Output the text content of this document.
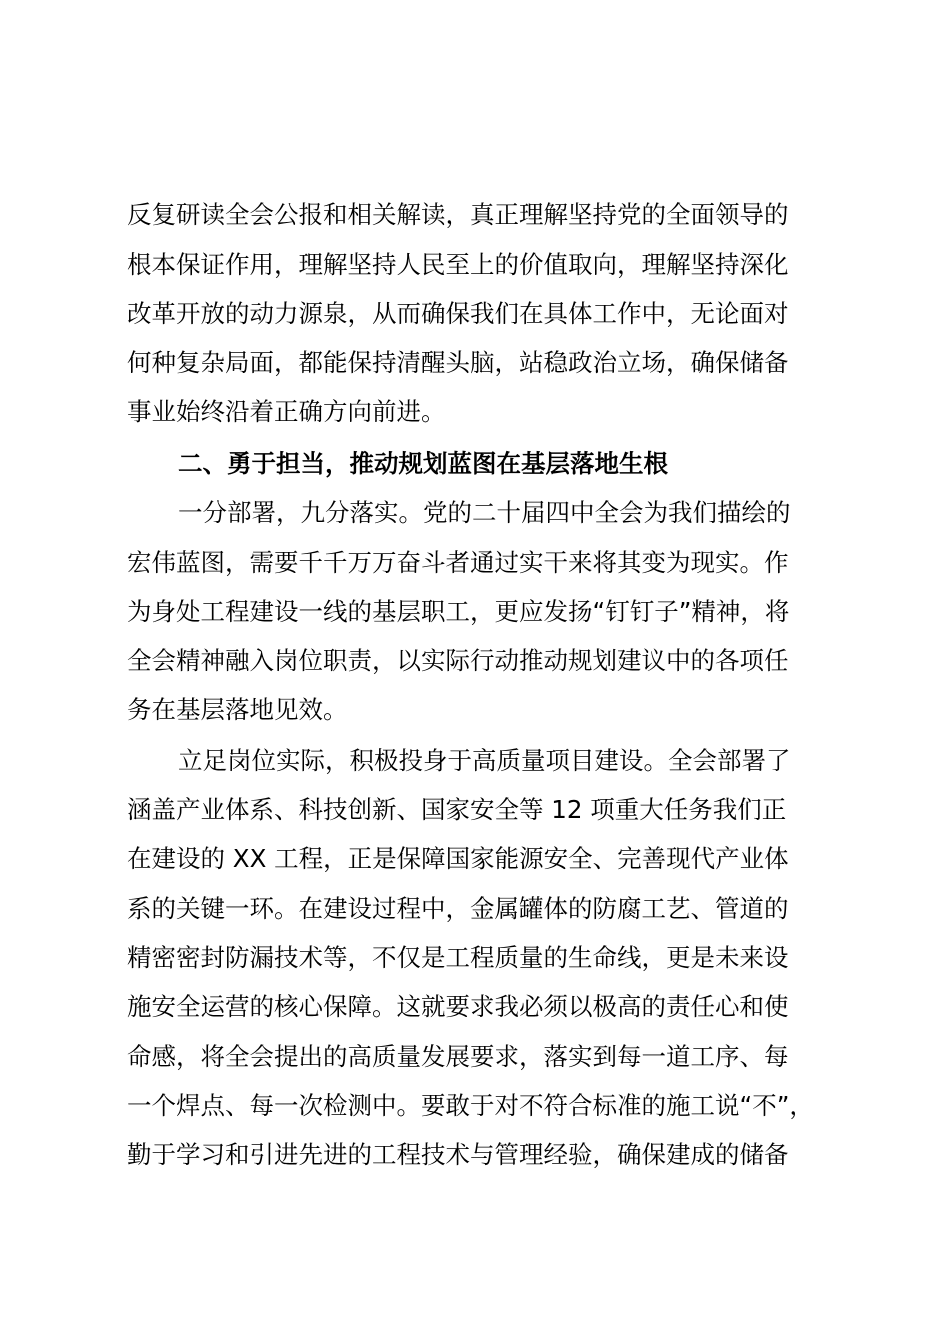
反复研读全会公报和相关解读，真正理解坚持党的全面领导的
根本保证作用，理解坚持人民至上的价值取向，理解坚持深化
改革开放的动力源泉，从而确保我们在具体工作中，无论面对
何种复杂局面，都能保持清醒头脑，站稳政治立场，确保储备
事业始终沿着正确方向前进。
二、勇于担当，推动规划蓝图在基层落地生根
一分部署，九分落实。党的二十届四中全会为我们描绘的
宏伟蓝图，需要千千万万奋斗者通过实干来将其变为现实。作
为身处工程建设一线的基层职工，更应发扬“钉钉子”精神，将
全会精神融入岗位职责，以实际行动推动规划建议中的各项任
务在基层落地见效。
立足岗位实际，积极投身于高质量项目建设。全会部署了
涵盖产业体系、科技创新、国家安全等 12 项重大任务我们正
在建设的 XX 工程，正是保障国家能源安全、完善现代产业体
系的关键一环。在建设过程中，金属罐体的防腐工艺、管道的
精密密封防漏技术等，不仅是工程质量的生命线，更是未来设
施安全运营的核心保障。这就要求我必须以极高的责任心和使
命感，将全会提出的高质量发展要求，落实到每一道工序、每
一个焊点、每一次检测中。要敢于对不符合标准的施工说“不”，
勤于学习和引进先进的工程技术与管理经验，确保建成的储备
